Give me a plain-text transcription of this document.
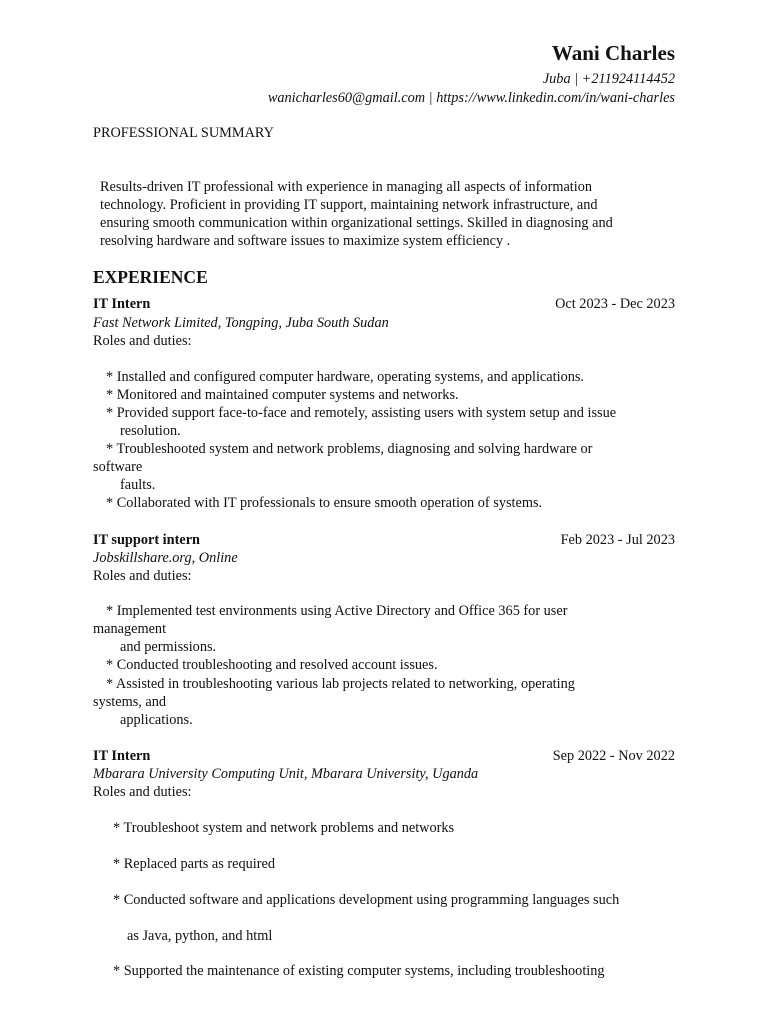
Wani Charles
Juba | +211924114452
wanicharles60@gmail.com | https://www.linkedin.com/in/wani-charles
PROFESSIONAL SUMMARY
Results-driven IT professional with experience in managing all aspects of information
technology. Proficient in providing IT support, maintaining network infrastructure, and
ensuring smooth communication within organizational settings. Skilled in diagnosing and
resolving hardware and software issues to maximize system efficiency .
EXPERIENCE
IT Intern	Oct 2023 - Dec 2023
Fast Network Limited, Tongping, Juba South Sudan
Roles and duties:
* Installed and configured computer hardware, operating systems, and applications.
* Monitored and maintained computer systems and networks.
* Provided support face-to-face and remotely, assisting users with system setup and issue
resolution.
* Troubleshooted system and network problems, diagnosing and solving hardware or
software
faults.
* Collaborated with IT professionals to ensure smooth operation of systems.
IT support intern	Feb 2023 - Jul 2023
Jobskillshare.org, Online
Roles and duties:
* Implemented test environments using Active Directory and Office 365 for user
management
and permissions.
* Conducted troubleshooting and resolved account issues.
* Assisted in troubleshooting various lab projects related to networking, operating
systems, and
applications.
IT Intern	Sep 2022 - Nov 2022
Mbarara University Computing Unit, Mbarara University, Uganda
Roles and duties:
* Troubleshoot system and network problems and networks
* Replaced parts as required
* Conducted software and applications development using programming languages such
as Java, python, and html
* Supported the maintenance of existing computer systems, including troubleshooting
